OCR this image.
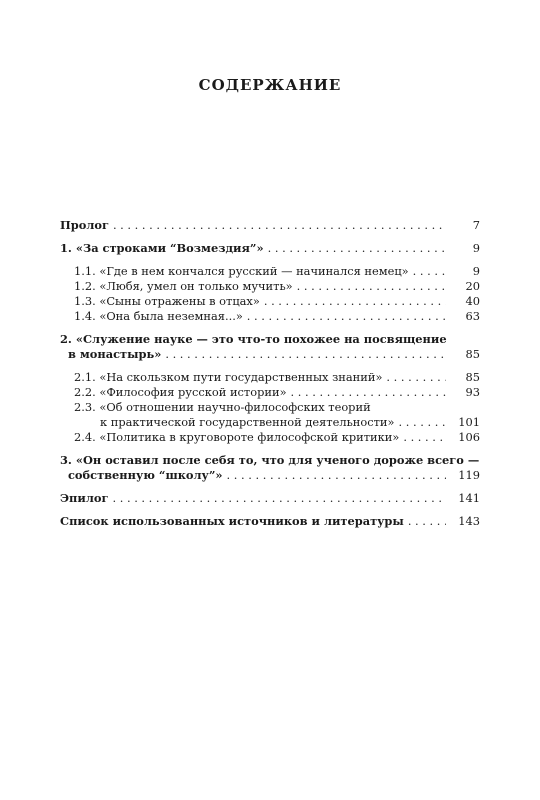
СОДЕРЖАНИЕ
Пролог . . .	7
1. «За строками “Возмездия”» . . .	9
1.1. «Где в нем кончался русский — начинался немец» . . .	9
1.2. «Любя, умел он только мучить» . . .	20
1.3. «Сыны отражены в отцах» . . .	40
1.4. «Она была неземная...» . . .	63
2. «Служение науке — это что-то похожее на посвящение
в монастырь» . . .	85
2.1. «На скользком пути государственных знаний» . . .	85
2.2. «Философия русской истории» . . .	93
2.3. «Об отношении научно-философских теорий
к практической государственной деятельности» . . .	101
2.4. «Политика в круговороте философской критики» . . .	106
3. «Он оставил после себя то, что для ученого дороже всего —
собственную “школу”» . . .	119
Эпилог . . .	141
Список использованных источников и литературы . . .	143
